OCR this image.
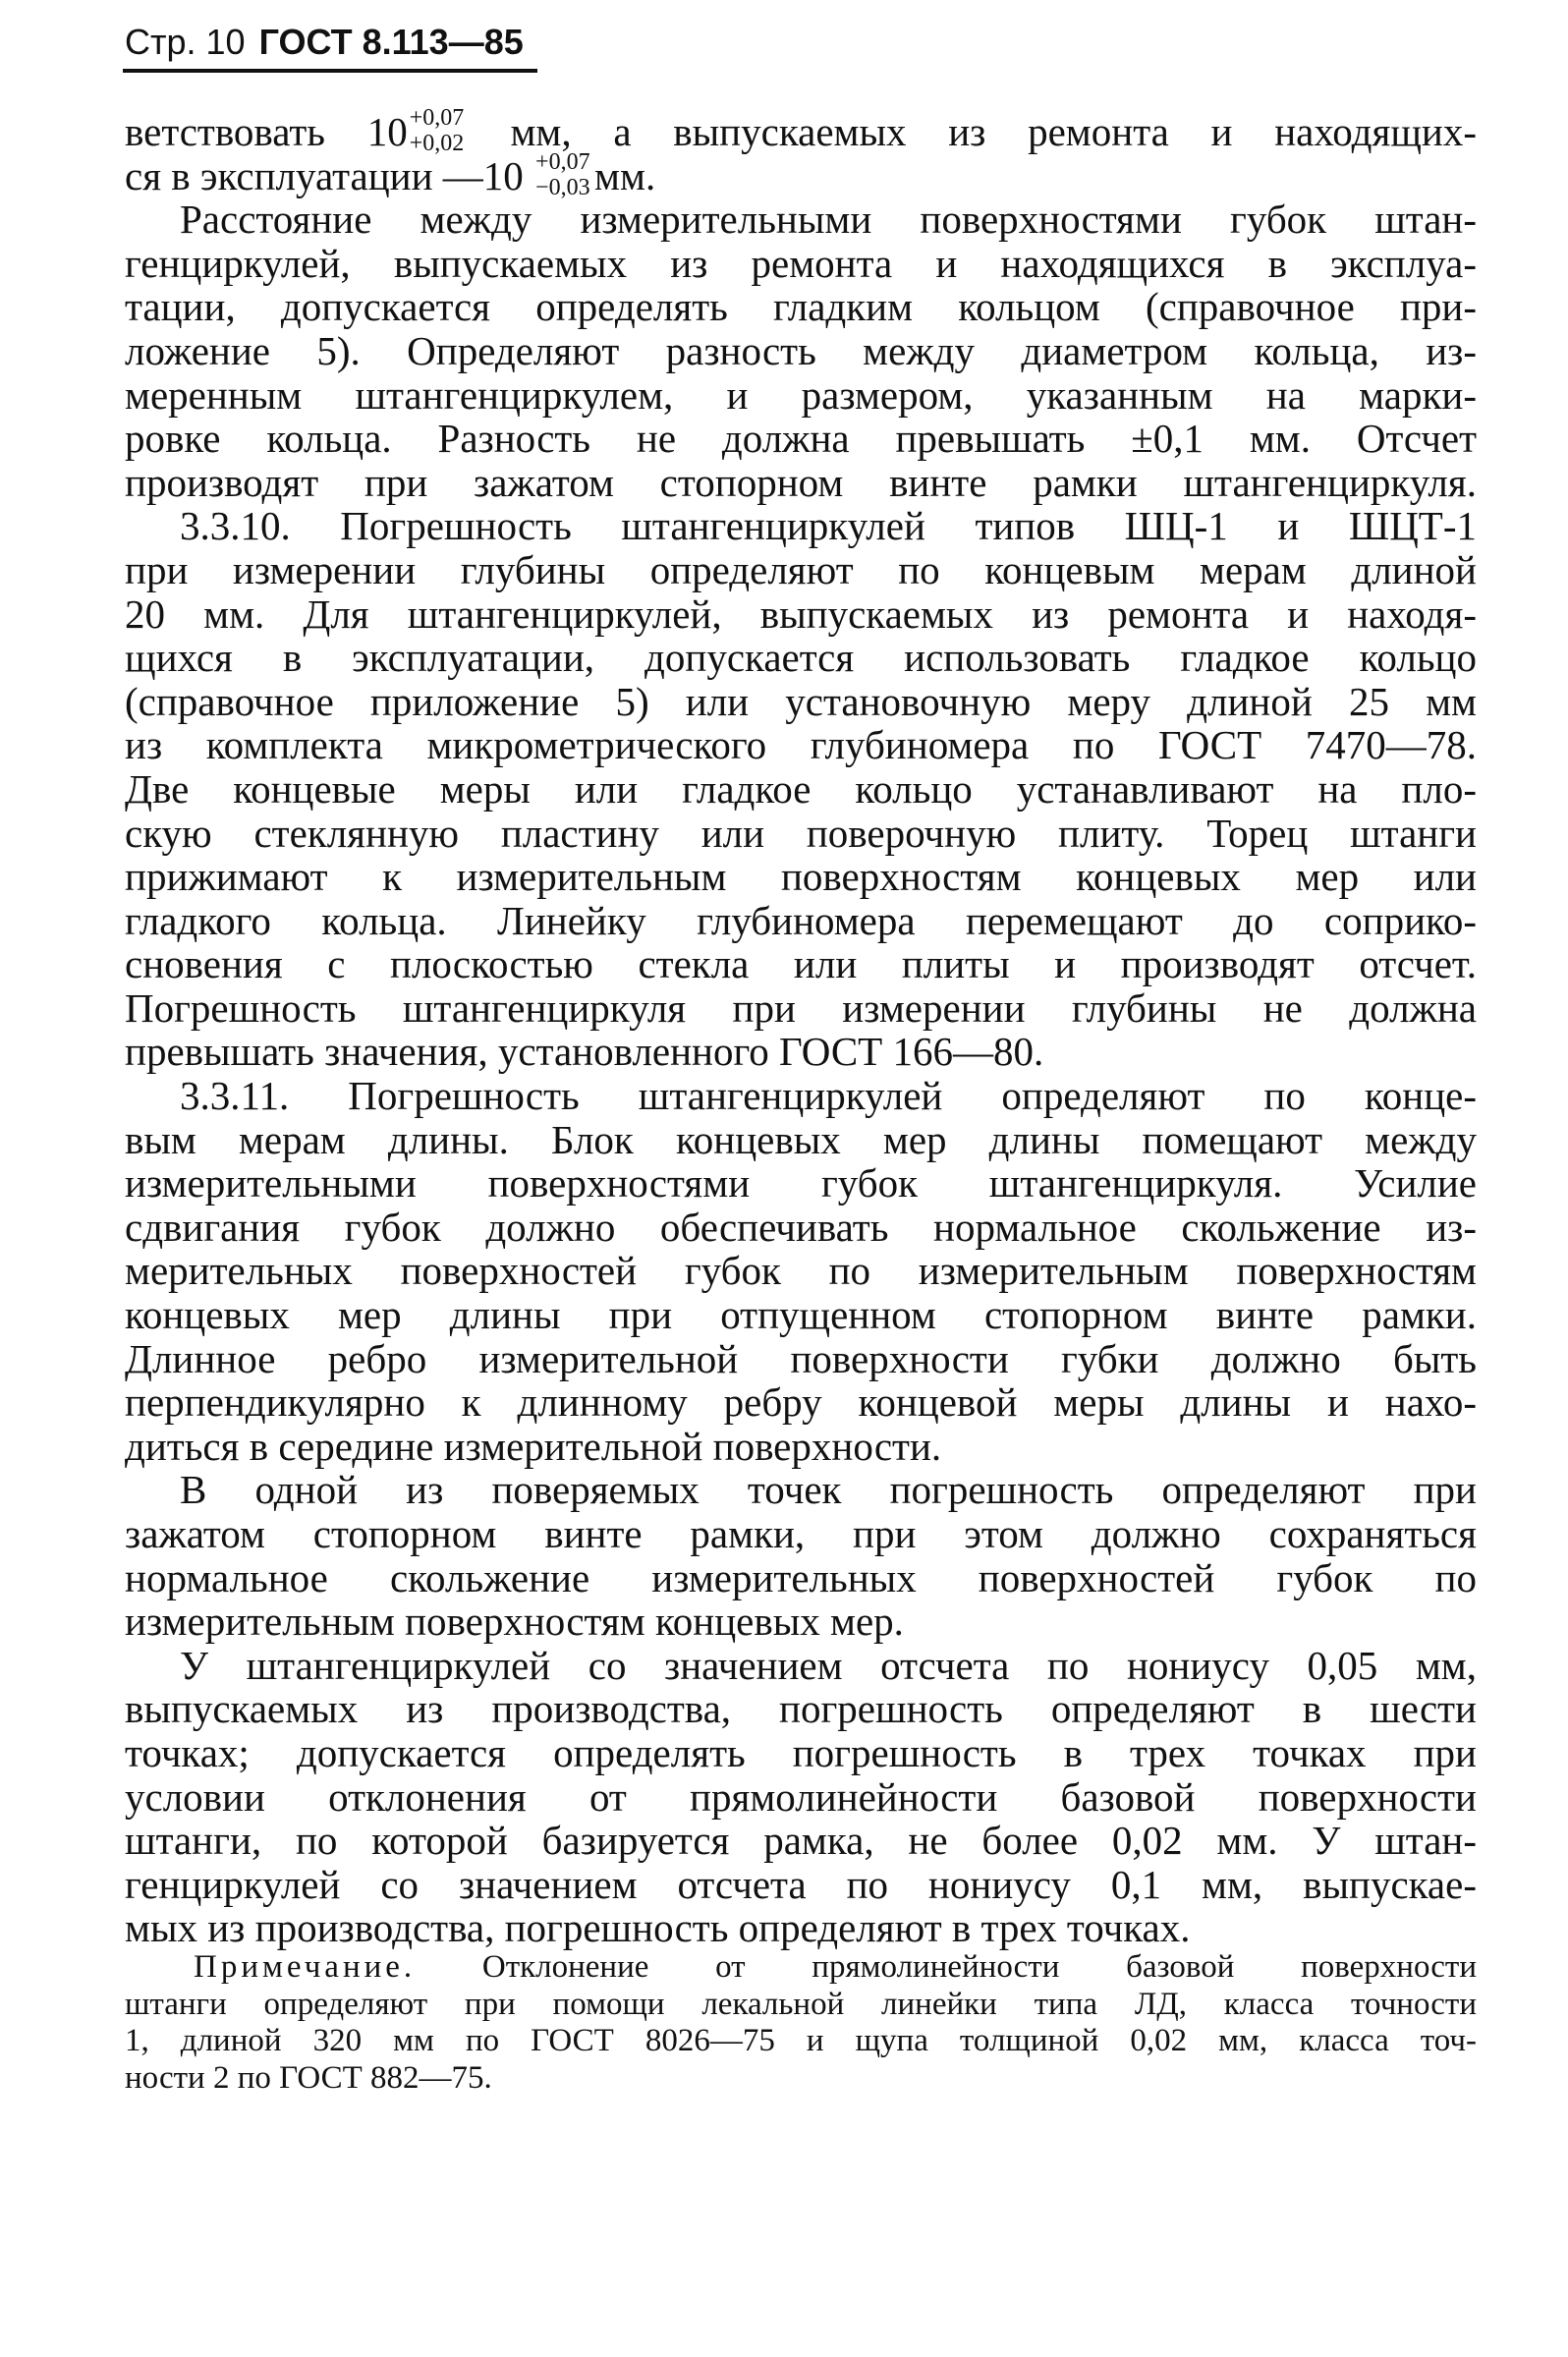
Стр. 10 ГОСТ 8.113—85

ветствовать 10 +0,07
+0,02 мм, а выпускаемых из ремонта и находящих-

ся в эксплуатации —10 +0,07
−0,03 мм.

Расстояние между измерительными поверхностями губок штан-

генциркулей, выпускаемых из ремонта и находящихся в эксплуа-

тации, допускается определять гладким кольцом (справочное при-

ложение 5). Определяют разность между диаметром кольца, из-

меренным штангенциркулем, и размером, указанным на марки-

ровке кольца. Разность не должна превышать ±0,1 мм. Отсчет

производят при зажатом стопорном винте рамки штангенциркуля.

3.3.10. Погрешность штангенциркулей типов ШЦ-1 и ШЦТ-1

при измерении глубины определяют по концевым мерам длиной

20 мм. Для штангенциркулей, выпускаемых из ремонта и находя-

щихся в эксплуатации, допускается использовать гладкое кольцо

(справочное приложение 5) или установочную меру длиной 25 мм

из комплекта микрометрического глубиномера по ГОСТ 7470—78.

Две концевые меры или гладкое кольцо устанавливают на пло-

скую стеклянную пластину или поверочную плиту. Торец штанги

прижимают к измерительным поверхностям концевых мер или

гладкого кольца. Линейку глубиномера перемещают до соприко-

сновения с плоскостью стекла или плиты и производят отсчет.

Погрешность штангенциркуля при измерении глубины не должна

превышать значения, установленного ГОСТ 166—80.

3.3.11. Погрешность штангенциркулей определяют по конце-

вым мерам длины. Блок концевых мер длины помещают между

измерительными поверхностями губок штангенциркуля. Усилие

сдвигания губок должно обеспечивать нормальное скольжение из-

мерительных поверхностей губок по измерительным поверхностям

концевых мер длины при отпущенном стопорном винте рамки.

Длинное ребро измерительной поверхности губки должно быть

перпендикулярно к длинному ребру концевой меры длины и нахо-

диться в середине измерительной поверхности.

В одной из поверяемых точек погрешность определяют при

зажатом стопорном винте рамки, при этом должно сохраняться

нормальное скольжение измерительных поверхностей губок по

измерительным поверхностям концевых мер.

У штангенциркулей со значением отсчета по нониусу 0,05 мм,

выпускаемых из производства, погрешность определяют в шести

точках; допускается определять погрешность в трех точках при

условии отклонения от прямолинейности базовой поверхности

штанги, по которой базируется рамка, не более 0,02 мм. У штан-

генциркулей со значением отсчета по нониусу 0,1 мм, выпускае-

мых из производства, погрешность определяют в трех точках.

Примечание. Отклонение от прямолинейности базовой поверхности

штанги определяют при помощи лекальной линейки типа ЛД, класса точности

1, длиной 320 мм по ГОСТ 8026—75 и щупа толщиной 0,02 мм, класса точ-

ности 2 по ГОСТ 882—75.
